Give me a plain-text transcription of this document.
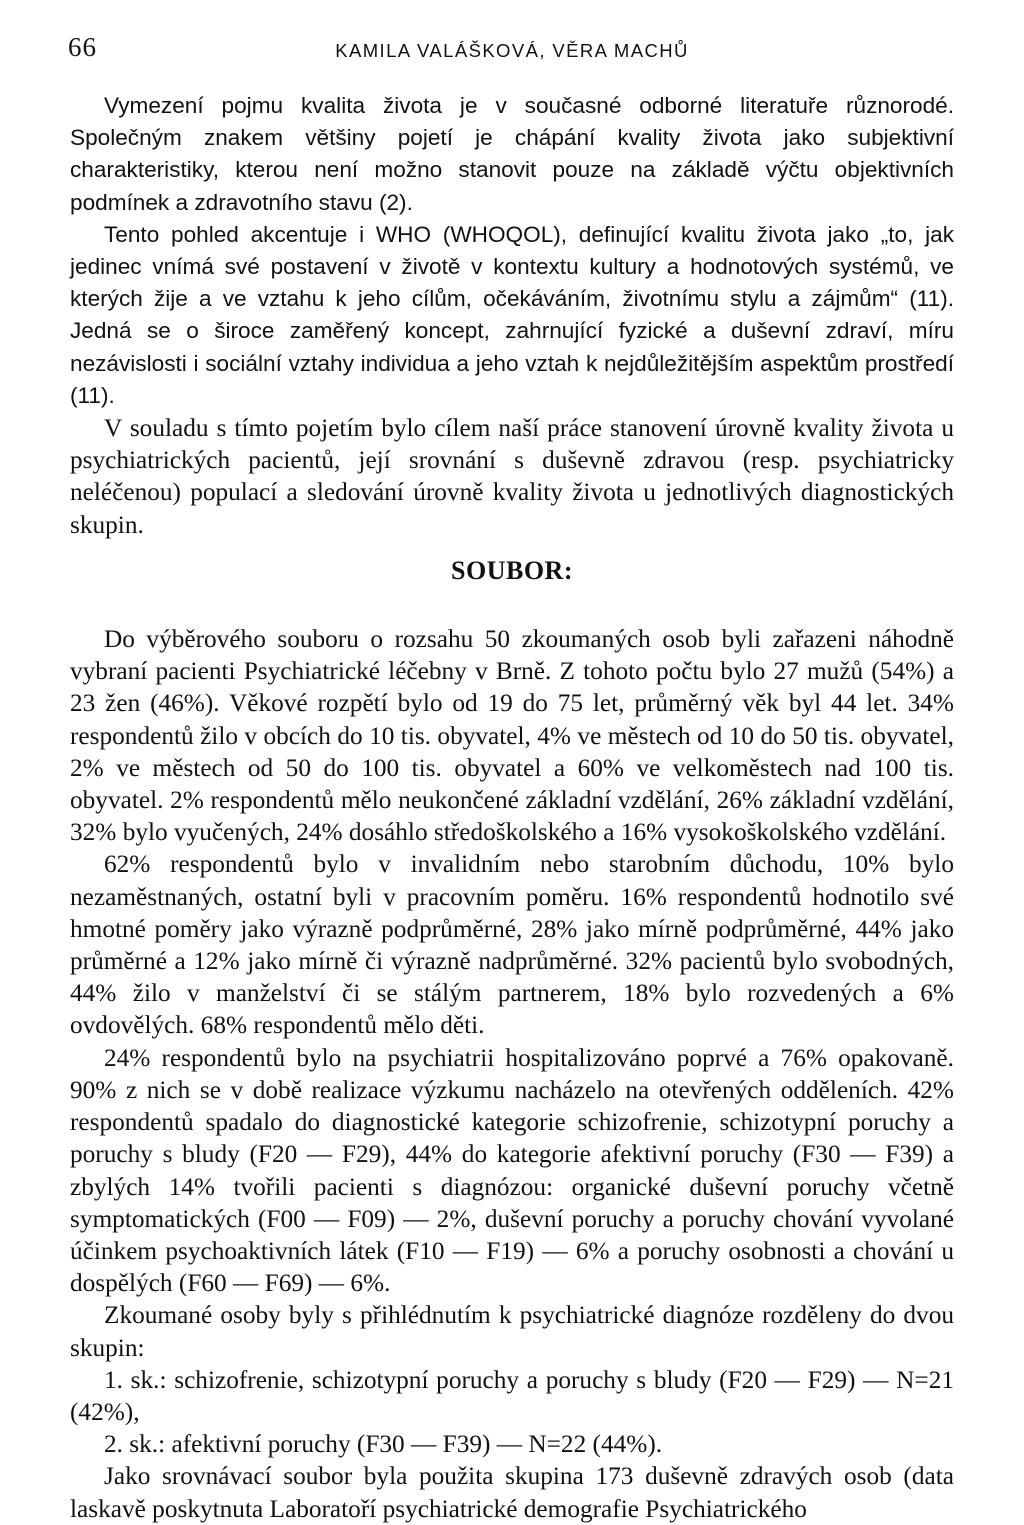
66	KAMILA VALÁŠKOVÁ, VĚRA MACHŮ

Vymezení pojmu kvalita života je v současné odborné literatuře různorodé. Společným znakem většiny pojetí je chápání kvality života jako subjektivní charakteristiky, kterou není možno stanovit pouze na základě výčtu objektivních podmínek a zdravotního stavu (2).

Tento pohled akcentuje i WHO (WHOQOL), definující kvalitu života jako „to, jak jedinec vnímá své postavení v životě v kontextu kultury a hodnotových systémů, ve kterých žije a ve vztahu k jeho cílům, očekáváním, životnímu stylu a zájmům“ (11). Jedná se o široce zaměřený koncept, zahrnující fyzické a duševní zdraví, míru nezávislosti i sociální vztahy individua a jeho vztah k nejdůležitějším aspektům prostředí (11).

V souladu s tímto pojetím bylo cílem naší práce stanovení úrovně kvality života u psychiatrických pacientů, její srovnání s duševně zdravou (resp. psychiatricky neléčenou) populací a sledování úrovně kvality života u jednotlivých diagnostických skupin.

SOUBOR:

Do výběrového souboru o rozsahu 50 zkoumaných osob byli zařazeni náhodně vybraní pacienti Psychiatrické léčebny v Brně. Z tohoto počtu bylo 27 mužů (54%) a 23 žen (46%). Věkové rozpětí bylo od 19 do 75 let, průměrný věk byl 44 let. 34% respondentů žilo v obcích do 10 tis. obyvatel, 4% ve městech od 10 do 50 tis. obyvatel, 2% ve městech od 50 do 100 tis. obyvatel a 60% ve velkoměstech nad 100 tis. obyvatel. 2% respondentů mělo neukončené základní vzdělání, 26% základní vzdělání, 32% bylo vyučených, 24% dosáhlo středoškolského a 16% vysokoškolského vzdělání.

62% respondentů bylo v invalidním nebo starobním důchodu, 10% bylo nezaměstnaných, ostatní byli v pracovním poměru. 16% respondentů hodnotilo své hmotné poměry jako výrazně podprůměrné, 28% jako mírně podprůměrné, 44% jako průměrné a 12% jako mírně či výrazně nadprůměrné. 32% pacientů bylo svobodných, 44% žilo v manželství či se stálým partnerem, 18% bylo rozvedených a 6% ovdovělých. 68% respondentů mělo děti.

24% respondentů bylo na psychiatrii hospitalizováno poprvé a 76% opakovaně. 90% z nich se v době realizace výzkumu nacházelo na otevřených odděleních. 42% respondentů spadalo do diagnostické kategorie schizofrenie, schizotypní poruchy a poruchy s bludy (F20 — F29), 44% do kategorie afektivní poruchy (F30 — F39) a zbylých 14% tvořili pacienti s diagnózou: organické duševní poruchy včetně symptomatických (F00 — F09) — 2%, duševní poruchy a poruchy chování vyvolané účinkem psychoaktivních látek (F10 — F19) — 6% a poruchy osobnosti a chování u dospělých (F60 — F69) — 6%.

Zkoumané osoby byly s přihlédnutím k psychiatrické diagnóze rozděleny do dvou skupin:

1. sk.: schizofrenie, schizotypní poruchy a poruchy s bludy (F20 — F29) — N=21 (42%),

2. sk.: afektivní poruchy (F30 — F39) — N=22 (44%).

Jako srovnávací soubor byla použita skupina 173 duševně zdravých osob (data laskavě poskytnuta Laboratoří psychiatrické demografie Psychiatrického
